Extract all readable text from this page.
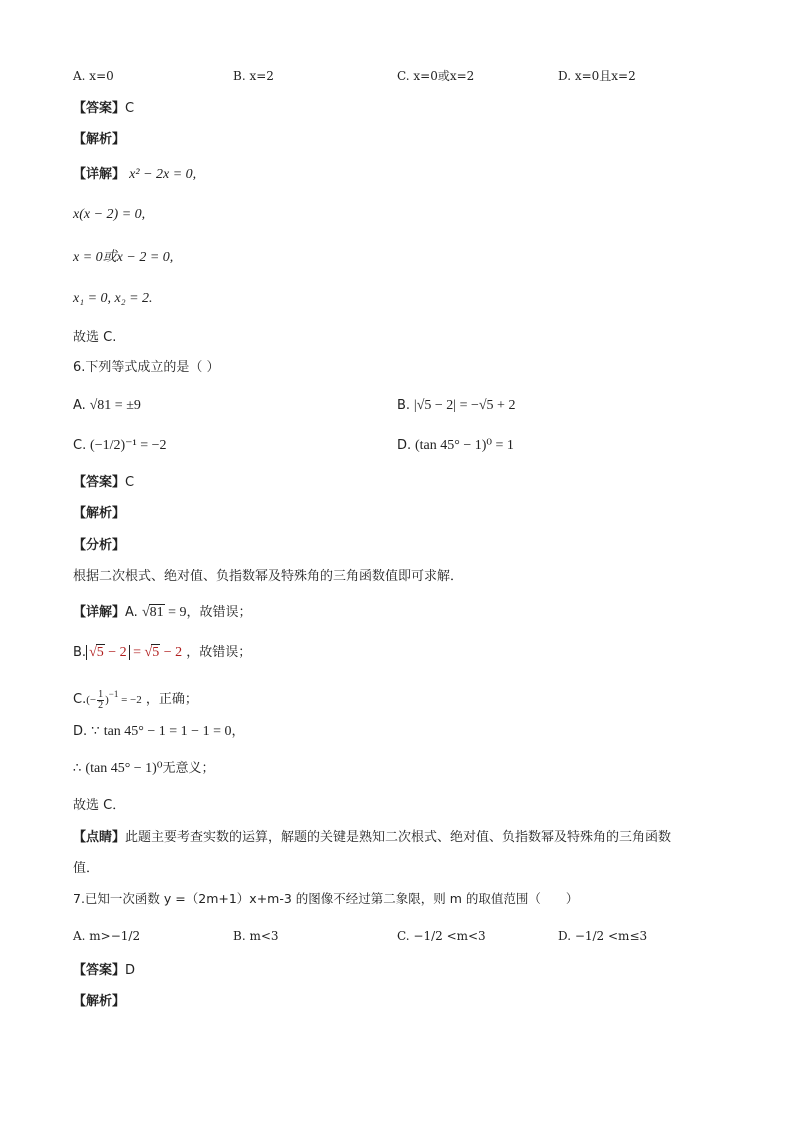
A. x=0	B. x=2	C. x=0或x=2	D. x=0且x=2
【答案】C
【解析】
【详解】 x² − 2x = 0,
x(x − 2) = 0,
x = 0或x − 2 = 0,
x₁ = 0, x₂ = 2.
故选 C.
6.下列等式成立的是（ ）
A. √81 = ±9	B. |√5 − 2| = −√5 + 2
C. (−1/2)⁻¹ = −2	D. (tan 45° − 1)⁰ = 1
【答案】C
【解析】
【分析】
根据二次根式、绝对值、负指数幂及特殊角的三角函数值即可求解．
【详解】A. √81 = 9，故错误；
B. √5 − 2 = √5 − 2 ，故错误；
$C.(- \frac{1}{2} )^{-1} = -2$ ，正确；
D. ∵ tan 45° − 1 = 1 − 1 = 0，
∴ (tan 45° − 1)⁰无意义；
故选 C．
【点睛】此题主要考查实数的运算，解题的关键是熟知二次根式、绝对值、负指数幂及特殊角的三角函数
值．
7.已知一次函数 y =（2m+1）x+m-3 的图像不经过第二象限，则 m 的取值范围（　　）
A. m>−1/2	B. m<3	C. −1/2 <m<3	D. −1/2 <m≤3
【答案】D
【解析】
